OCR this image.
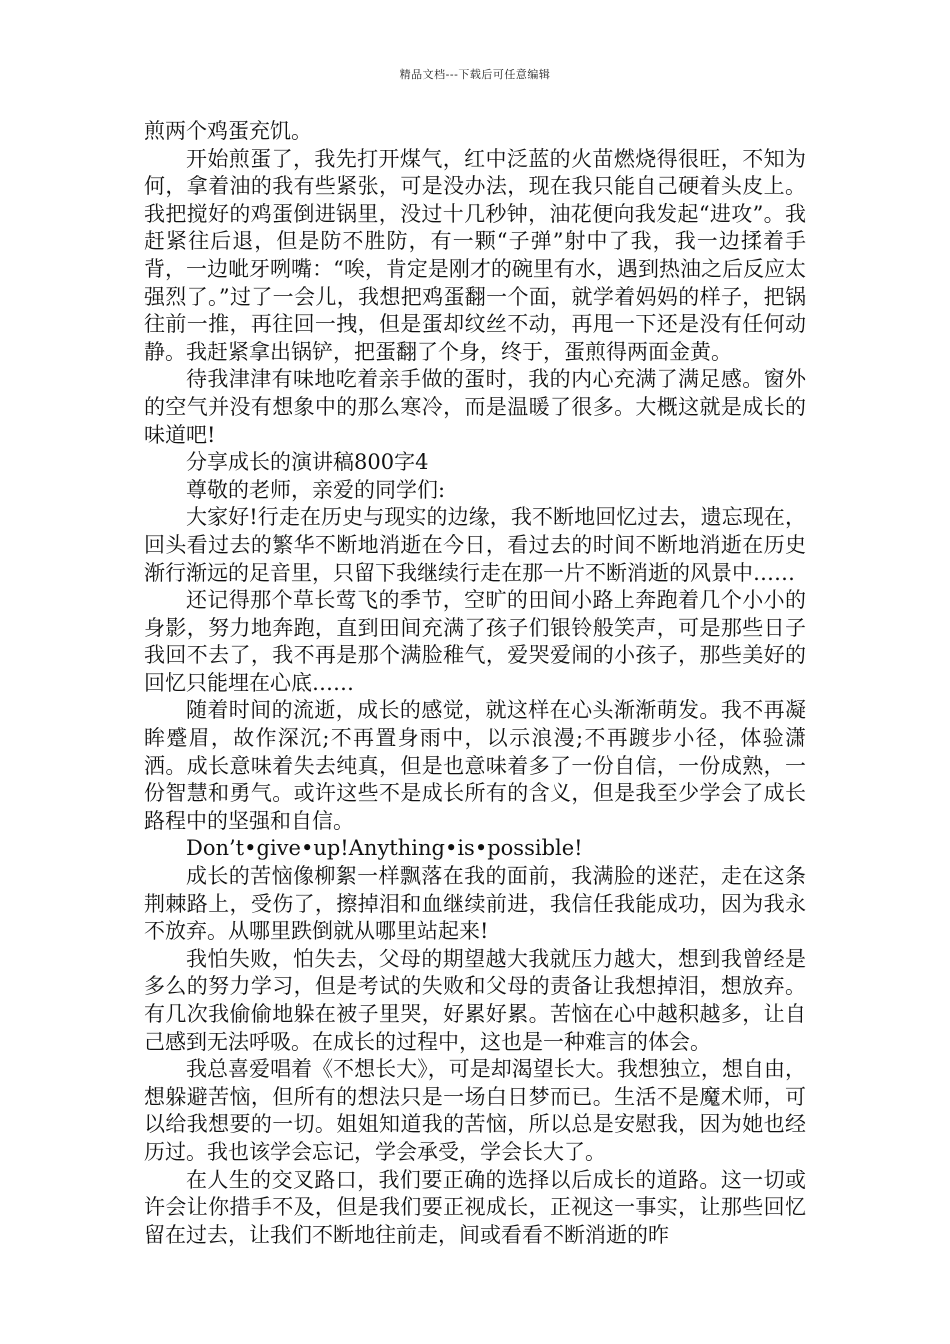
精品文档---下载后可任意编辑

煎两个鸡蛋充饥。

开始煎蛋了，我先打开煤气，红中泛蓝的火苗燃烧得很旺，不知为何，拿着油的我有些紧张，可是没办法，现在我只能自己硬着头皮上。我把搅好的鸡蛋倒进锅里，没过十几秒钟，油花便向我发起“进攻”。我赶紧往后退，但是防不胜防，有一颗“子弹”射中了我，我一边揉着手背，一边呲牙咧嘴：“唉，肯定是刚才的碗里有水，遇到热油之后反应太强烈了。”过了一会儿，我想把鸡蛋翻一个面，就学着妈妈的样子，把锅往前一推，再往回一拽，但是蛋却纹丝不动，再甩一下还是没有任何动静。我赶紧拿出锅铲，把蛋翻了个身，终于，蛋煎得两面金黄。

待我津津有味地吃着亲手做的蛋时，我的内心充满了满足感。窗外的空气并没有想象中的那么寒冷，而是温暖了很多。大概这就是成长的味道吧!

分享成长的演讲稿800字4

尊敬的老师，亲爱的同学们:

大家好!行走在历史与现实的边缘，我不断地回忆过去，遗忘现在，回头看过去的繁华不断地消逝在今日，看过去的时间不断地消逝在历史渐行渐远的足音里，只留下我继续行走在那一片不断消逝的风景中……

还记得那个草长莺飞的季节，空旷的田间小路上奔跑着几个小小的身影，努力地奔跑，直到田间充满了孩子们银铃般笑声，可是那些日子我回不去了，我不再是那个满脸稚气，爱哭爱闹的小孩子，那些美好的回忆只能埋在心底……

随着时间的流逝，成长的感觉，就这样在心头渐渐萌发。我不再凝眸蹙眉，故作深沉;不再置身雨中，以示浪漫;不再踱步小径，体验潇洒。成长意味着失去纯真，但是也意味着多了一份自信，一份成熟，一份智慧和勇气。或许这些不是成长所有的含义，但是我至少学会了成长路程中的坚强和自信。

Don’t•give•up!Anything•is•possible!

成长的苦恼像柳絮一样飘落在我的面前，我满脸的迷茫，走在这条荆棘路上，受伤了，擦掉泪和血继续前进，我信任我能成功，因为我永不放弃。从哪里跌倒就从哪里站起来!

我怕失败，怕失去，父母的期望越大我就压力越大，想到我曾经是多么的努力学习，但是考试的失败和父母的责备让我想掉泪，想放弃。有几次我偷偷地躲在被子里哭，好累好累。苦恼在心中越积越多，让自己感到无法呼吸。在成长的过程中，这也是一种难言的体会。

我总喜爱唱着《不想长大》，可是却渴望长大。我想独立，想自由，想躲避苦恼，但所有的想法只是一场白日梦而已。生活不是魔术师，可以给我想要的一切。姐姐知道我的苦恼，所以总是安慰我，因为她也经历过。我也该学会忘记，学会承受，学会长大了。

在人生的交叉路口，我们要正确的选择以后成长的道路。这一切或许会让你措手不及，但是我们要正视成长，正视这一事实，让那些回忆留在过去，让我们不断地往前走，间或看看不断消逝的昨
